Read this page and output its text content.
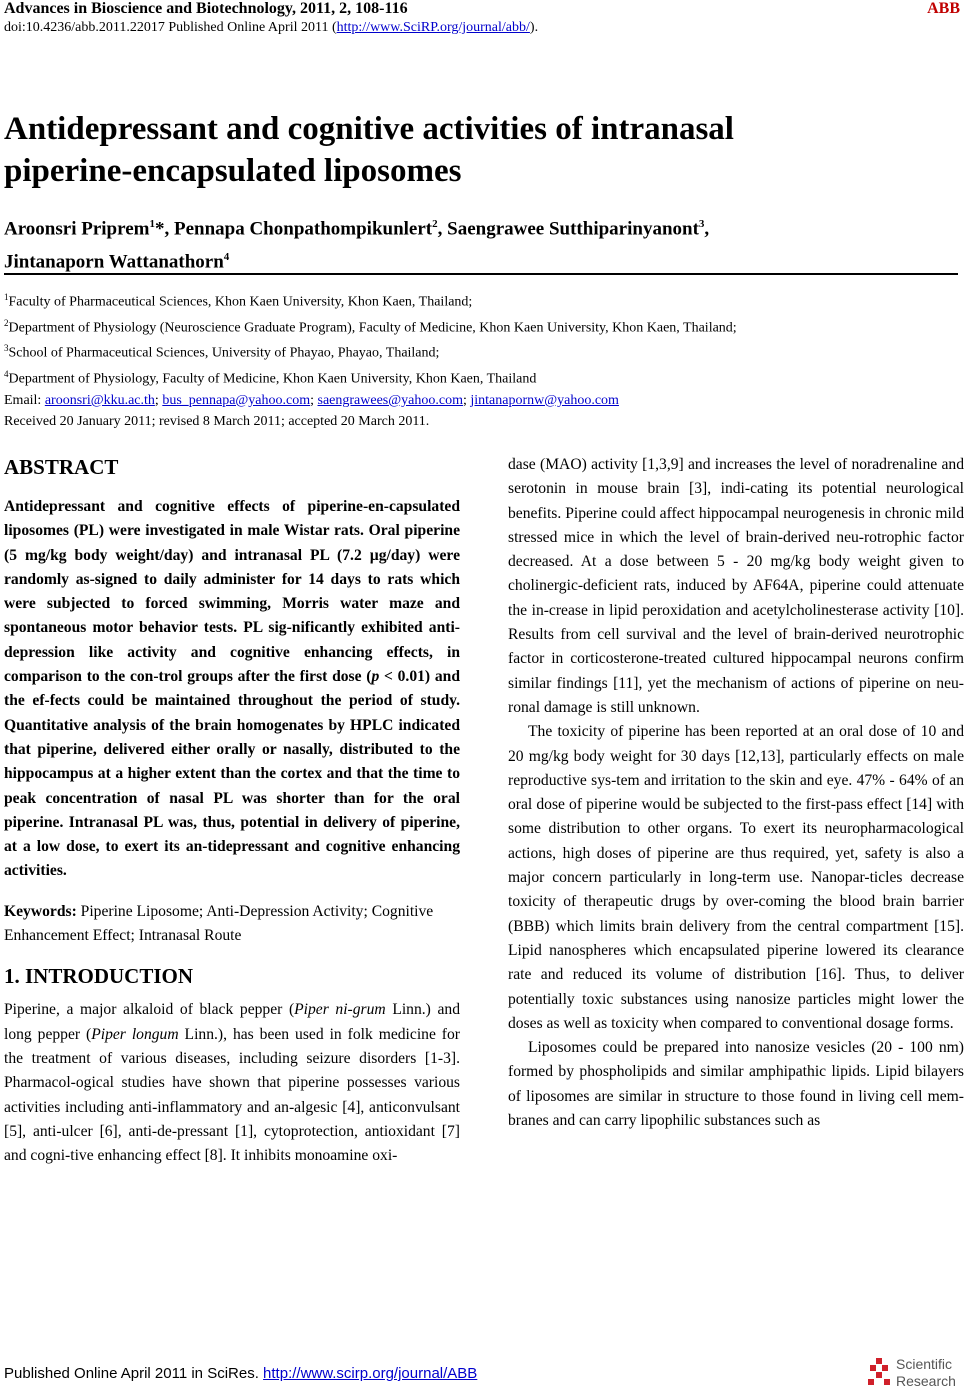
Advances in Bioscience and Biotechnology, 2011, 2, 108-116	ABB
doi:10.4236/abb.2011.22017 Published Online April 2011 (http://www.SciRP.org/journal/abb/).
Antidepressant and cognitive activities of intranasal
piperine-encapsulated liposomes
Aroonsri Priprem$^1$*, Pennapa Chonpathompikunlert$^2$, Saengrawee Sutthiparinyanont$^3$,
Jintanaporn Wattanathorn$^4$
$^1$Faculty of Pharmaceutical Sciences, Khon Kaen University, Khon Kaen, Thailand;
$^2$Department of Physiology (Neuroscience Graduate Program), Faculty of Medicine, Khon Kaen University, Khon Kaen, Thailand;
$^3$School of Pharmaceutical Sciences, University of Phayao, Phayao, Thailand;
$^4$Department of Physiology, Faculty of Medicine, Khon Kaen University, Khon Kaen, Thailand
Email: aroonsri@kku.ac.th; bus_pennapa@yahoo.com; saengrawees@yahoo.com; jintanapornw@yahoo.com
Received 20 January 2011; revised 8 March 2011; accepted 20 March 2011.

ABSTRACT

Antidepressant and cognitive effects of piperine-en-capsulated liposomes (PL) were investigated in male Wistar rats. Oral piperine (5 mg/kg body weight/day) and intranasal PL (7.2 µg/day) were randomly as-signed to daily administer for 14 days to rats which were subjected to forced swimming, Morris water maze and spontaneous motor behavior tests. PL sig-nificantly exhibited anti-depression like activity and cognitive enhancing effects, in comparison to the con-trol groups after the first dose (p < 0.01) and the ef-fects could be maintained throughout the period of study. Quantitative analysis of the brain homogenates by HPLC indicated that piperine, delivered either orally or nasally, distributed to the hippocampus at a higher extent than the cortex and that the time to peak concentration of nasal PL was shorter than for the oral piperine. Intranasal PL was, thus, potential in delivery of piperine, at a low dose, to exert its an-tidepressant and cognitive enhancing activities.

Keywords: Piperine Liposome; Anti-Depression Activity; Cognitive Enhancement Effect; Intranasal Route

1. INTRODUCTION

Piperine, a major alkaloid of black pepper (Piper ni-grum Linn.) and long pepper (Piper longum Linn.), has been used in folk medicine for the treatment of various diseases, including seizure disorders [1-3]. Pharmacol-ogical studies have shown that piperine possesses various activities including anti-inflammatory and an-algesic [4], anticonvulsant [5], anti-ulcer [6], anti-de-pressant [1], cytoprotection, antioxidant [7] and cogni-tive enhancing effect [8]. It inhibits monoamine oxi-

dase (MAO) activity [1,3,9] and increases the level of noradrenaline and serotonin in mouse brain [3], indi-cating its potential neurological benefits. Piperine could affect hippocampal neurogenesis in chronic mild stressed mice in which the level of brain-derived neu-rotrophic factor decreased. At a dose between 5 - 20 mg/kg body weight given to cholinergic-deficient rats, induced by AF64A, piperine could attenuate the in-crease in lipid peroxidation and acetylcholinesterase activity [10]. Results from cell survival and the level of brain-derived neurotrophic factor in corticosterone-treated cultured hippocampal neurons confirm similar findings [11], yet the mechanism of actions of piperine on neu-ronal damage is still unknown.

The toxicity of piperine has been reported at an oral dose of 10 and 20 mg/kg body weight for 30 days [12,13], particularly effects on male reproductive sys-tem and irritation to the skin and eye. 47% - 64% of an oral dose of piperine would be subjected to the first-pass effect [14] with some distribution to other organs. To exert its neuropharmacological actions, high doses of piperine are thus required, yet, safety is also a major concern particularly in long-term use. Nanopar-ticles decrease toxicity of therapeutic drugs by over-coming the blood brain barrier (BBB) which limits brain delivery from the central compartment [15]. Lipid nanospheres which encapsulated piperine lowered its clearance rate and reduced its volume of distribution [16]. Thus, to deliver potentially toxic substances using nanosize particles might lower the doses as well as toxicity when compared to conventional dosage forms.

Liposomes could be prepared into nanosize vesicles (20 - 100 nm) formed by phospholipids and similar amphipathic lipids. Lipid bilayers of liposomes are similar in structure to those found in living cell mem-branes and can carry lipophilic substances such as

Published Online April 2011 in SciRes. http://www.scirp.org/journal/ABB
Scientific
Research
